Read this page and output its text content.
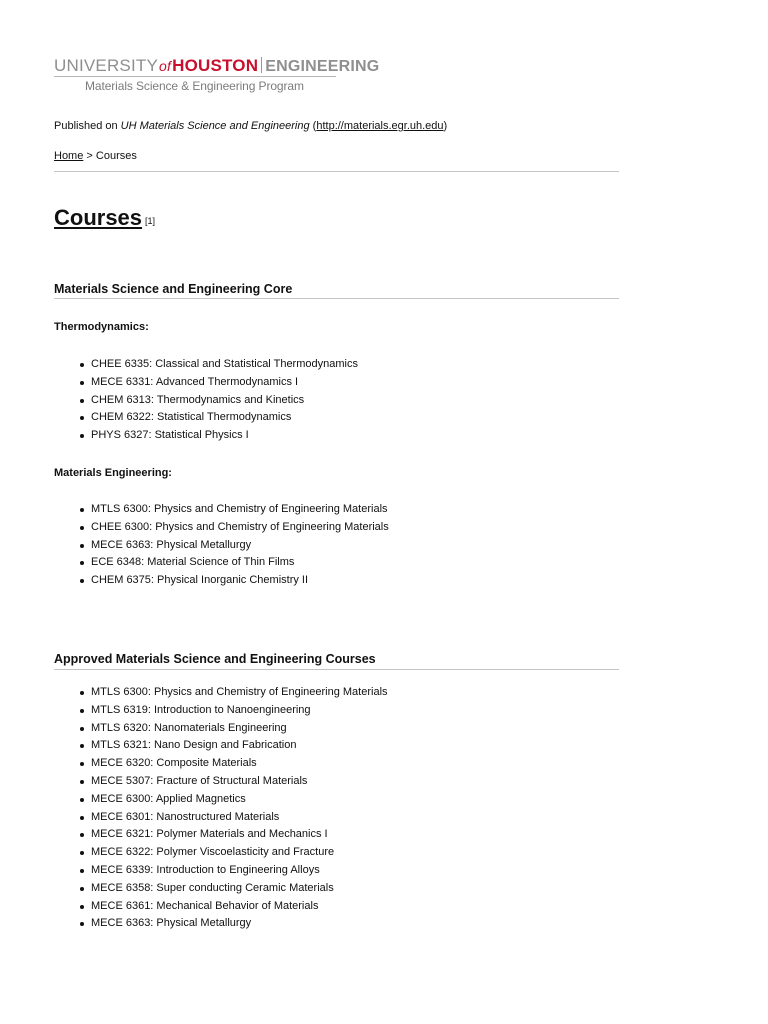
UNIVERSITYofHOUSTON ENGINEERING
Materials Science & Engineering Program
Published on UH Materials Science and Engineering (http://materials.egr.uh.edu)
Home > Courses
Courses [1]
Materials Science and Engineering Core
Thermodynamics:
CHEE 6335: Classical and Statistical Thermodynamics
MECE 6331: Advanced Thermodynamics I
CHEM 6313: Thermodynamics and Kinetics
CHEM 6322: Statistical Thermodynamics
PHYS 6327: Statistical Physics I
Materials Engineering:
MTLS 6300: Physics and Chemistry of Engineering Materials
CHEE 6300: Physics and Chemistry of Engineering Materials
MECE 6363: Physical Metallurgy
ECE 6348: Material Science of Thin Films
CHEM 6375: Physical Inorganic Chemistry II
Approved Materials Science and Engineering Courses
MTLS 6300: Physics and Chemistry of Engineering Materials
MTLS 6319: Introduction to Nanoengineering
MTLS 6320: Nanomaterials Engineering
MTLS 6321: Nano Design and Fabrication
MECE 6320: Composite Materials
MECE 5307: Fracture of Structural Materials
MECE 6300: Applied Magnetics
MECE 6301: Nanostructured Materials
MECE 6321: Polymer Materials and Mechanics I
MECE 6322: Polymer Viscoelasticity and Fracture
MECE 6339: Introduction to Engineering Alloys
MECE 6358: Super conducting Ceramic Materials
MECE 6361: Mechanical Behavior of Materials
MECE 6363: Physical Metallurgy
